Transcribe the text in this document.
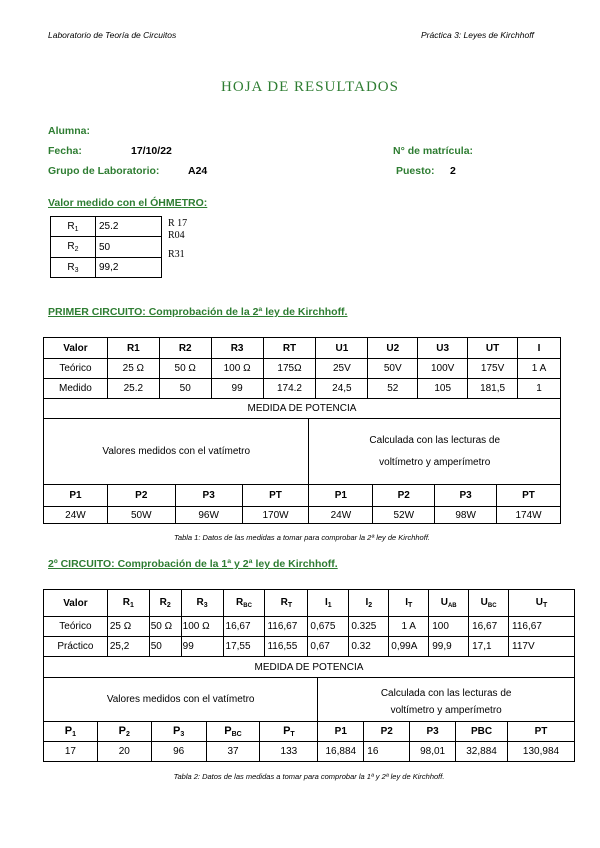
Laboratorio de Teoría de Circuitos	Práctica 3: Leyes de Kirchhoff
HOJA DE RESULTADOS
Alumna:
Fecha:	17/10/22	N° de matrícula:
Grupo de Laboratorio:	A24	Puesto: 2
Valor medido con el ÓHMETRO:
$R_1$	25.2
$R_2$	50
$R_3$	99,2
R 17
R04
R31
PRIMER CIRCUITO: Comprobación de la 2ª ley de Kirchhoff.
Valor	R1	R2	R3	RT	U1	U2	U3	UT	I
Teórico	25 Ω	50 Ω	100 Ω	175Ω	25V	50V	100V	175V	1 A
Medido	25.2	50	99	174.2	24,5	52	105	181,5	1
MEDIDA DE POTENCIA									
Valores medidos con el vatímetro				Calculada con las lecturas de
voltímetro y amperímetro			

P1	P2	P3	PT	P1	P2	P3	PT
24W	50W	96W	170W	24W	52W	98W	174W
Tabla 1: Datos de las medidas a tomar para comprobar la 2ª ley de Kirchhoff.
2º CIRCUITO: Comprobación de la 1ª y 2ª ley de Kirchhoff.
Valor	$R_1$	$R_2$	$R_3$	$R_{BC}$	$R_T$	$I_1$	$I_2$	$I_T$	$U_{AB}$	$U_{BC}$	$U_T$
Teórico	25 Ω	50 Ω	100 Ω	16,67	116,67	0,675	0.325	1 A	100	16,67	116,67
Práctico	25,2	50	99	17,55	116,55	0,67	0.32	0,99A	99,9	17,1	117V
MEDIDA DE POTENCIA											
Valores medidos con el vatímetro					Calculada con las lecturas de
voltímetro y amperímetro				

$P_1$	$P_2$	$P_3$	$P_{BC}$	$P_T$	P1	P2	P3	PBC	PT
17	20	96	37	133	16,884	16	98,01	32,884	130,984
Tabla 2: Datos de las medidas a tomar para comprobar la 1ª y 2ª ley de Kirchhoff.
